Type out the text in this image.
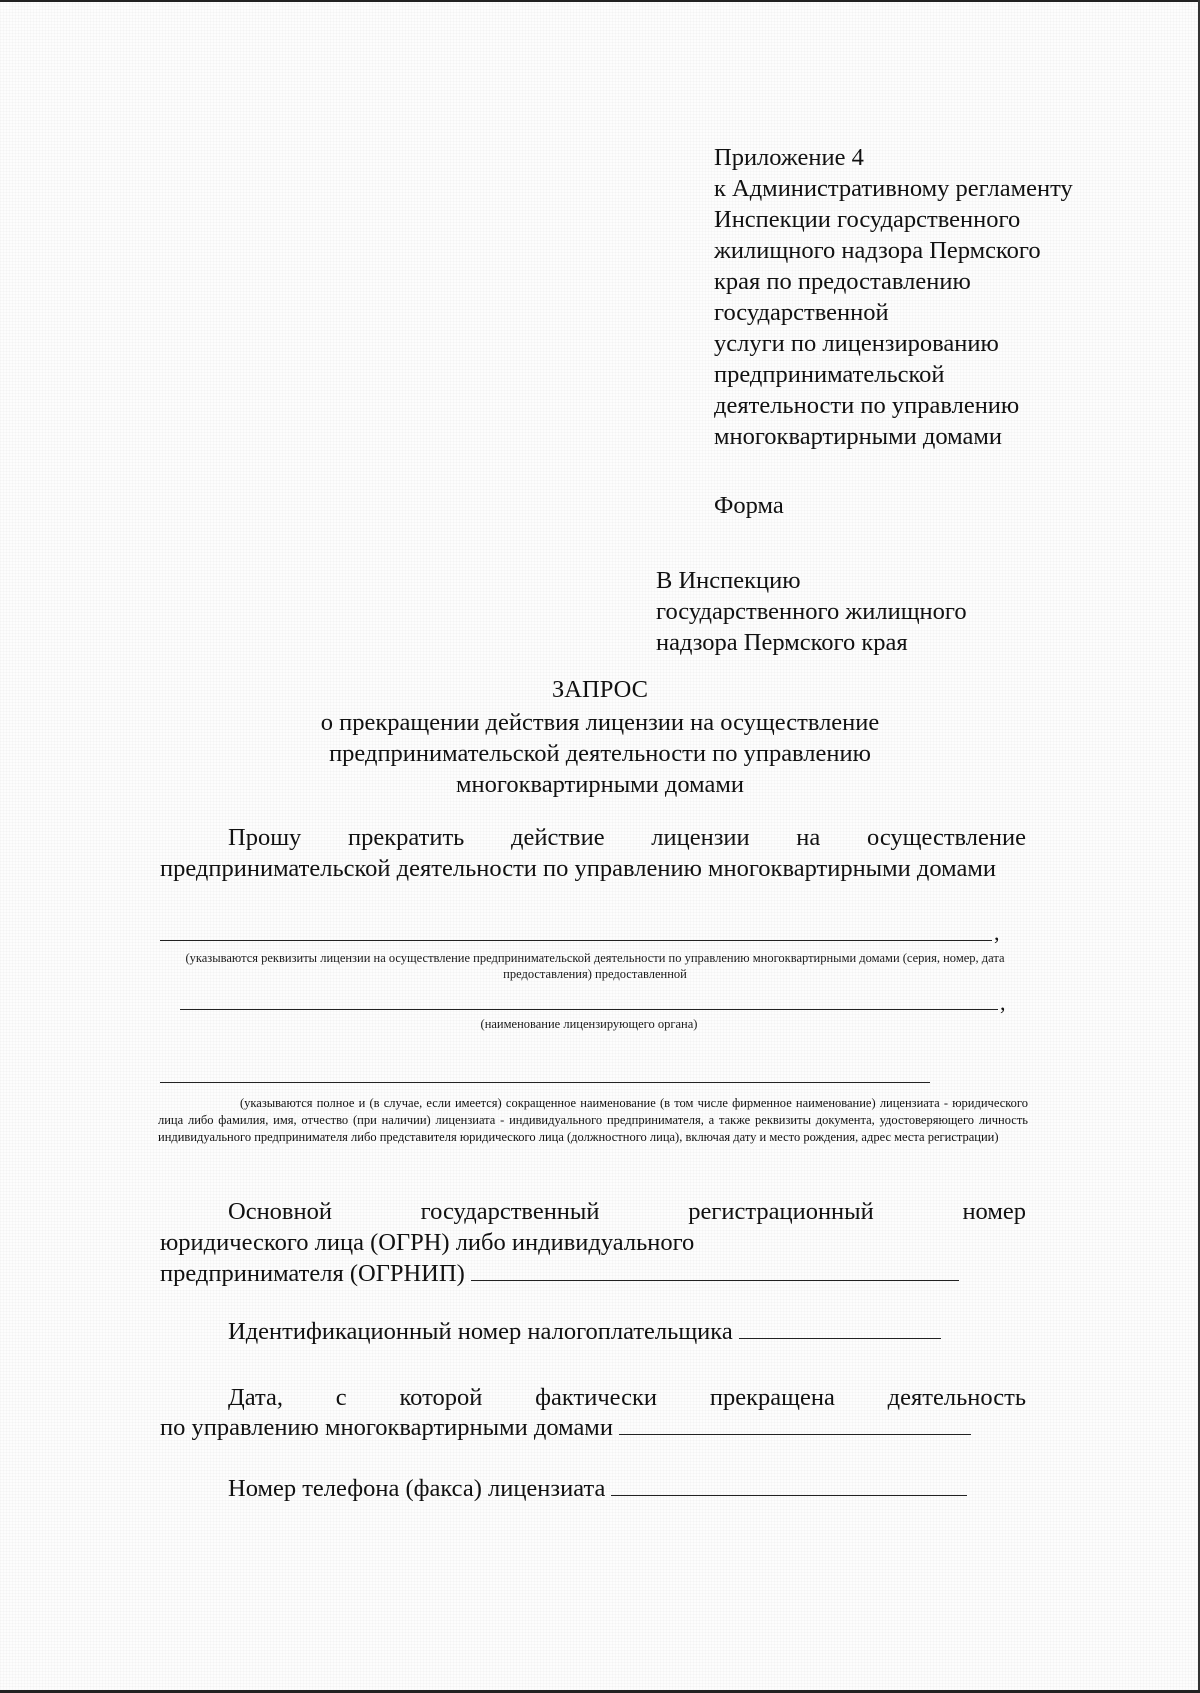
Приложение 4
к Административному регламенту
Инспекции государственного
жилищного надзора Пермского
края по предоставлению
государственной
услуги по лицензированию
предпринимательской
деятельности по управлению
многоквартирными домами
Форма
В Инспекцию
государственного жилищного
надзора Пермского края
ЗАПРОС
о прекращении действия лицензии на осуществление
предпринимательской деятельности по управлению
многоквартирными домами
Прошу прекратить действие лицензии на осуществление предпринимательской деятельности по управлению многоквартирными домами
,
(указываются реквизиты лицензии на осуществление предпринимательской деятельности по управлению многоквартирными домами (серия, номер, дата предоставления) предоставленной
,
(наименование лицензирующего органа)
(указываются полное и (в случае, если имеется) сокращенное наименование (в том числе фирменное наименование) лицензиата - юридического лица либо фамилия, имя, отчество (при наличии) лицензиата - индивидуального предпринимателя, а также реквизиты документа, удостоверяющего личность индивидуального предпринимателя либо представителя юридического лица (должностного лица), включая дату и место рождения, адрес места регистрации)
Основной	государственный	регистрационный	номер
юридического лица (ОГРН) либо индивидуального
предпринимателя (ОГРНИП)
Идентификационный номер налогоплательщика
Дата, с которой фактически прекращена деятельность
по управлению многоквартирными домами
Номер телефона (факса) лицензиата
